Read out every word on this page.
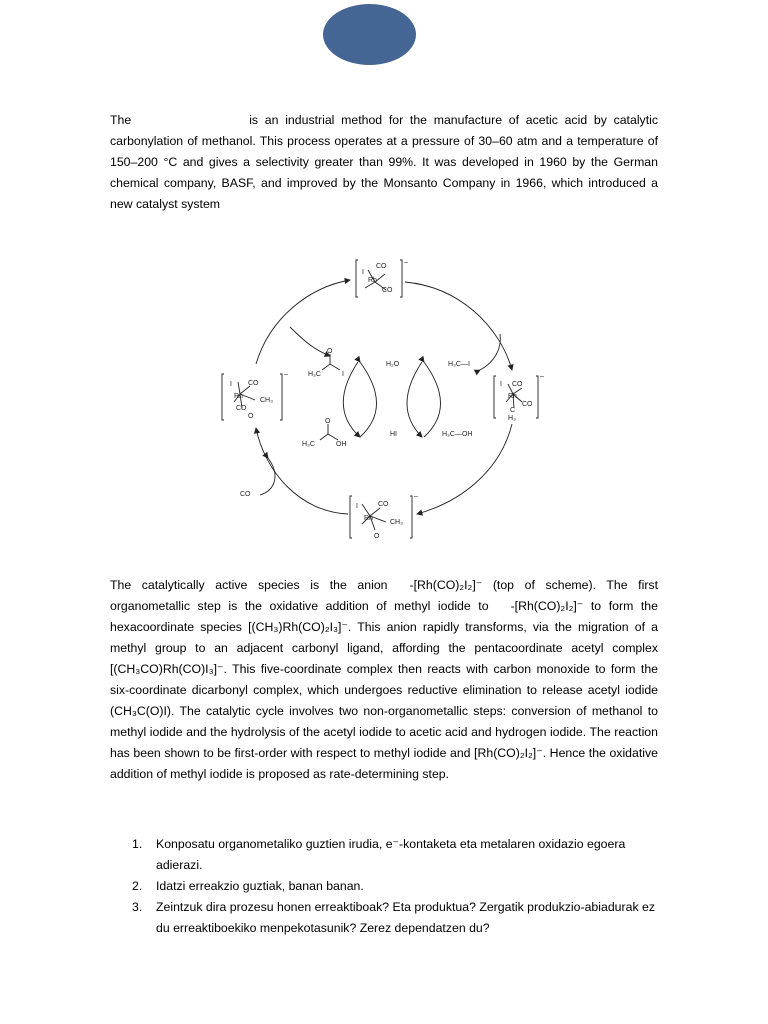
The	is an industrial method for the manufacture of acetic acid by catalytic carbonylation of methanol. This process operates at a pressure of 30–60 atm and a temperature of 150–200 °C and gives a selectivity greater than 99%. It was developed in 1960 by the German chemical company, BASF, and improved by the Monsanto Company in 1966, which introduced a new catalyst system

CO
Rh
CO
I
–
CO
Rh
CH₃
I
CO
O
–
CO
Rh
CO
C
H₃
I
–
CO
Rh
CH₃
I
O
–
H₃C
O
I
H₂O	H₃C—I
H₃C
O
OH
HI	H₃C—OH
CO

The catalytically active species is the anion -[Rh(CO)₂I₂]⁻ (top of scheme). The first organometallic step is the oxidative addition of methyl iodide to -[Rh(CO)₂I₂]⁻ to form the hexacoordinate species [(CH₃)Rh(CO)₂I₃]⁻. This anion rapidly transforms, via the migration of a methyl group to an adjacent carbonyl ligand, affording the pentacoordinate acetyl complex [(CH₃CO)Rh(CO)I₃]⁻. This five-coordinate complex then reacts with carbon monoxide to form the six-coordinate dicarbonyl complex, which undergoes reductive elimination to release acetyl iodide (CH₃C(O)I). The catalytic cycle involves two non-organometallic steps: conversion of methanol to methyl iodide and the hydrolysis of the acetyl iodide to acetic acid and hydrogen iodide. The reaction has been shown to be first-order with respect to methyl iodide and [Rh(CO)₂I₂]⁻. Hence the oxidative addition of methyl iodide is proposed as rate-determining step.

1. Konposatu organometaliko guztien irudia, e⁻-kontaketa eta metalaren oxidazio egoera adierazi.
2. Idatzi erreakzio guztiak, banan banan.
3. Zeintzuk dira prozesu honen erreaktiboak? Eta produktua? Zergatik produkzio-abiadurak ez du erreaktiboekiko menpekotasunik? Zerez dependatzen du?
